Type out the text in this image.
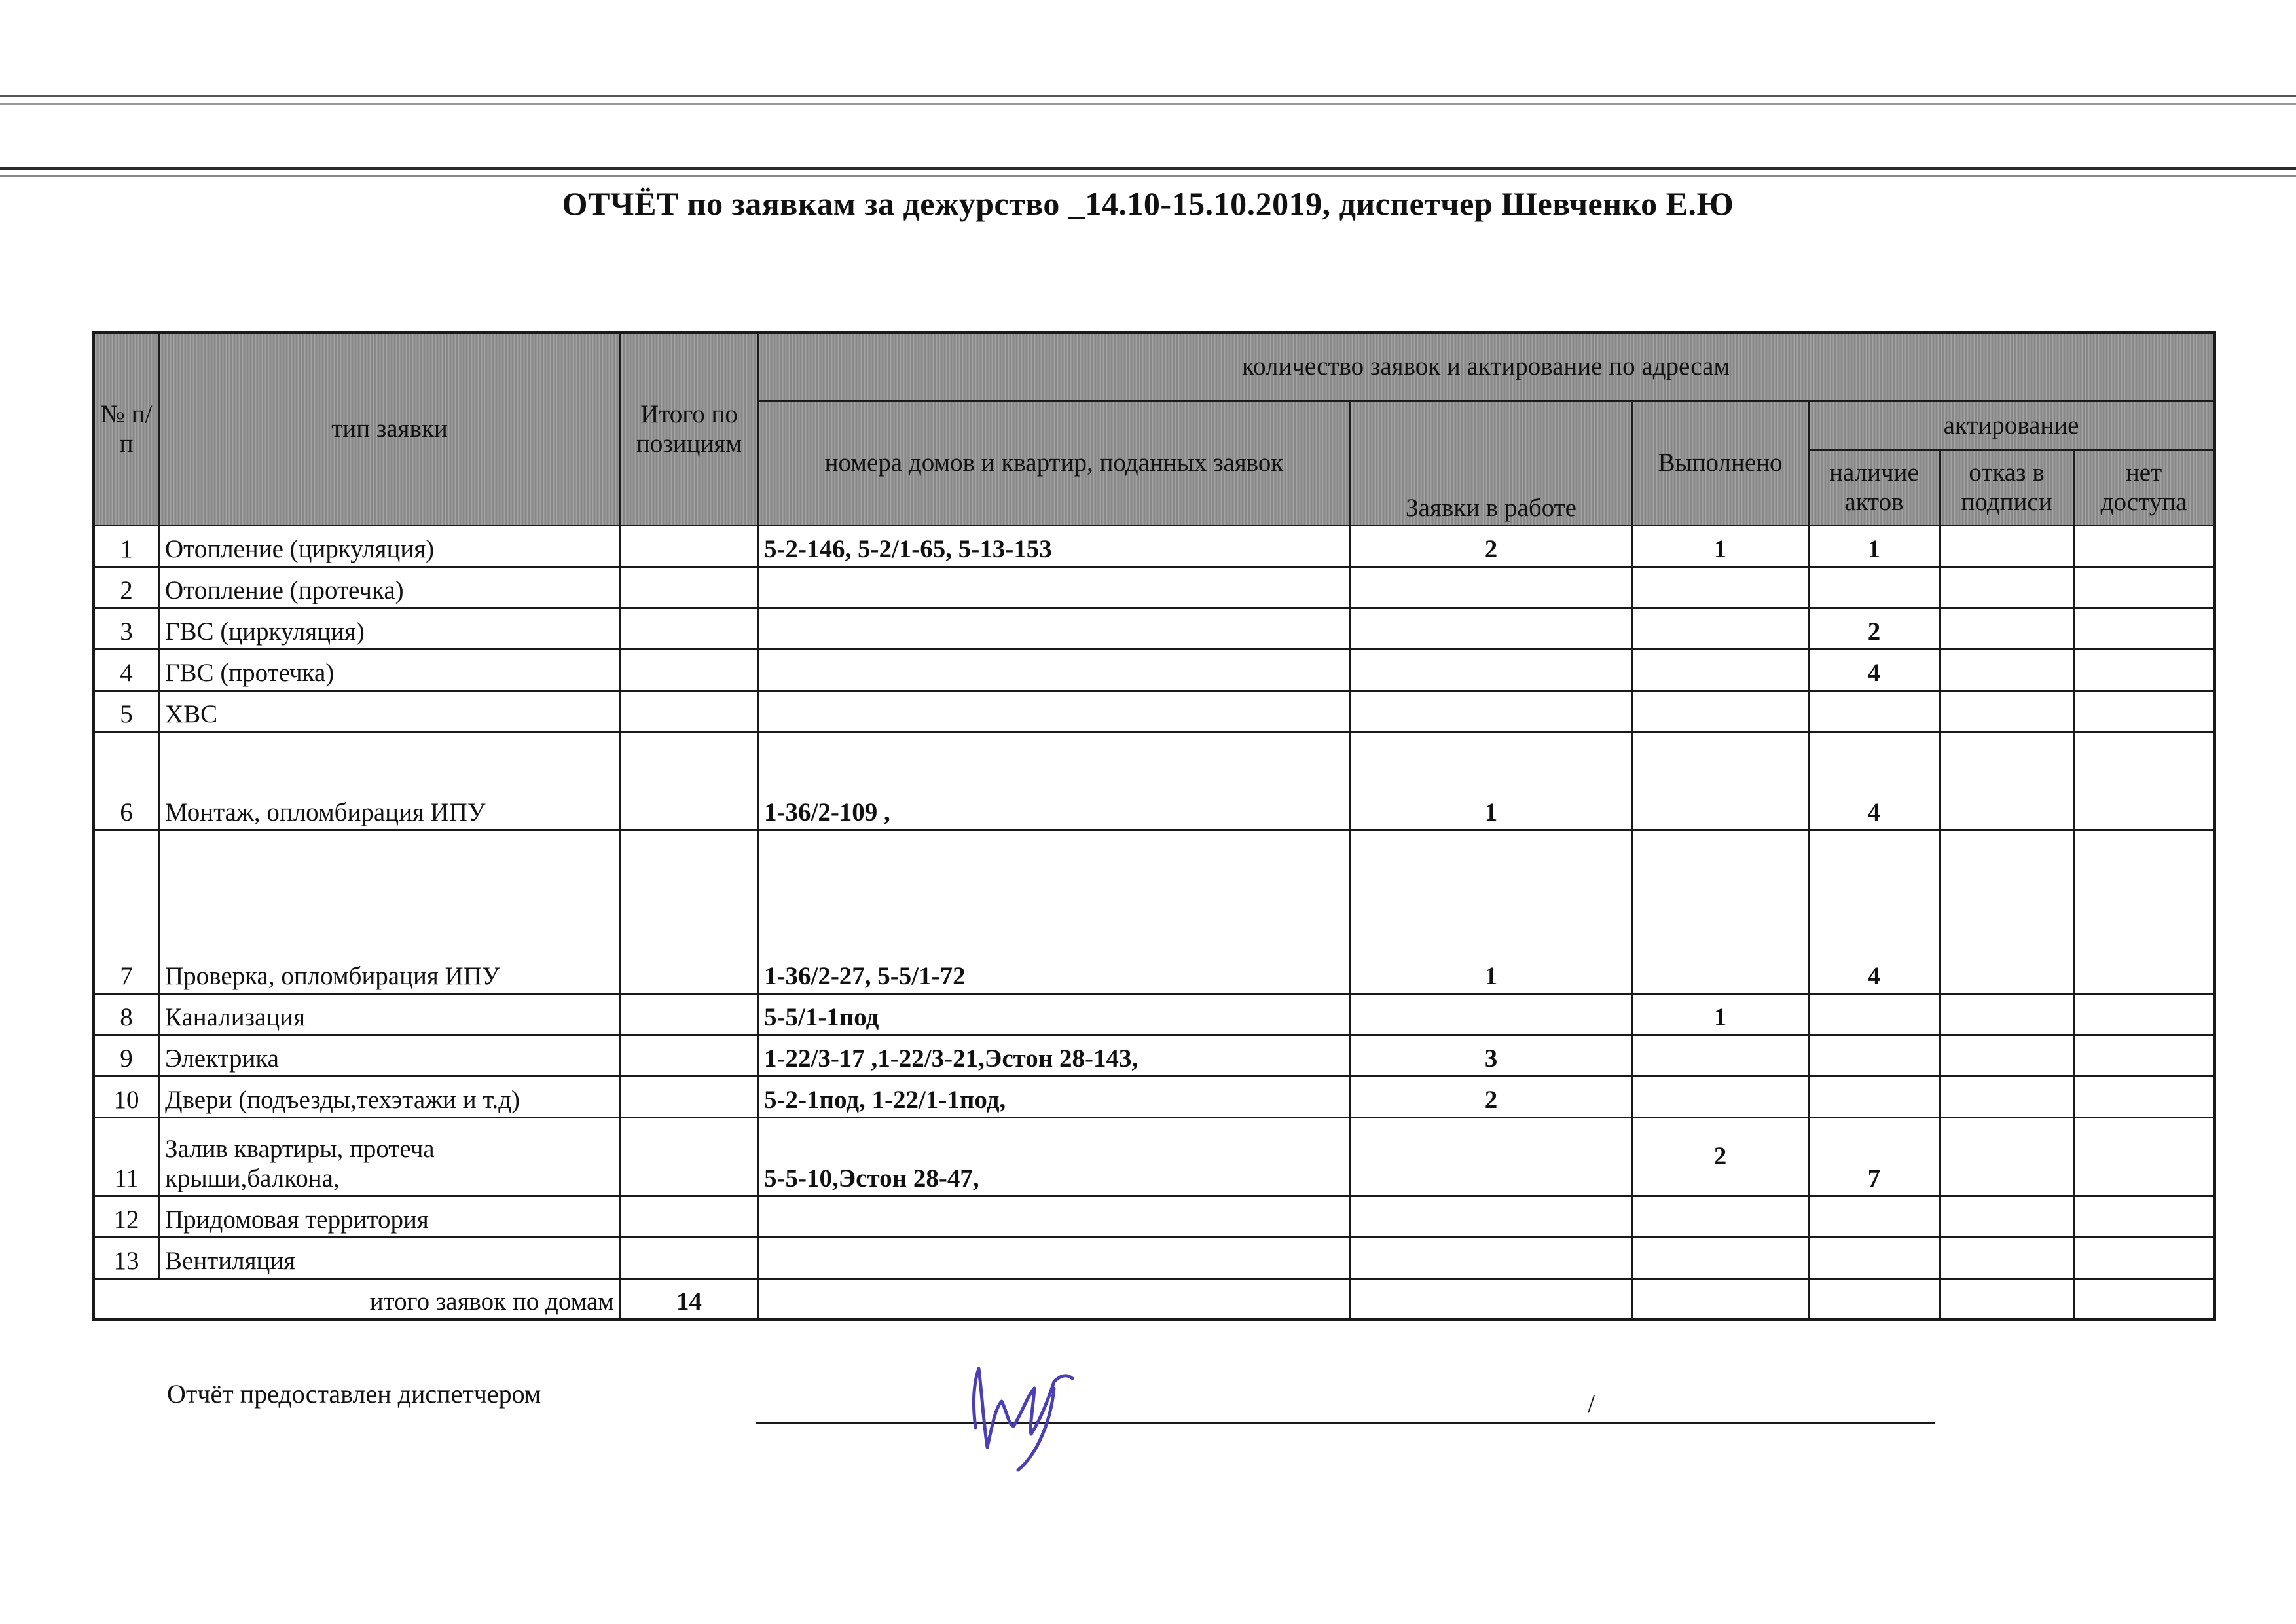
ОТЧЁТ по заявкам за дежурство _14.10-15.10.2019, диспетчер Шевченко Е.Ю
№ п/п	тип заявки	Итого по позициям	количество заявок и актирование по адресам					
			номера домов и квартир, поданных заявок	Заявки в работе	Выполнено	актирование		
						наличие актов	отказ в подписи	нет доступа
1	Отопление (циркуляция)		5-2-146, 5-2/1-65, 5-13-153	2	1	1		
2	Отопление (протечка)							
3	ГВС (циркуляция)					2		
4	ГВС (протечка)					4		
5	ХВС							
6	Монтаж, опломбирация ИПУ		1-36/2-109 ,	1		4		
7	Проверка, опломбирация ИПУ		1-36/2-27, 5-5/1-72	1		4		
8	Канализация		5-5/1-1под		1			
9	Электрика		1-22/3-17 ,1-22/3-21,Эстон 28-143,	3				
10	Двери (подъезды,техэтажи и т.д)		5-2-1под, 1-22/1-1под,	2				
11	Залив квартиры, протеча
крыши,балкона,		5-5-10,Эстон 28-47,		2	7		
12	Придомовая территория							
13	Вентиляция							
итого заявок по домам		14						
Отчёт предоставлен диспетчером	/
